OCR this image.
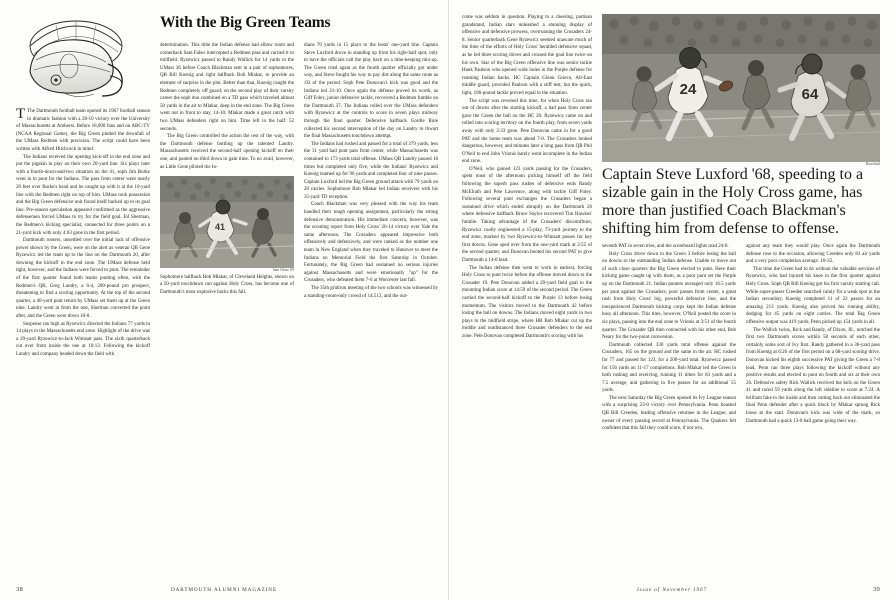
T The Dartmouth football team opened its 1967 football season in dramatic fashion with a 28-10 victory over the University of Massachusetts at Amherst. Before 18,000 fans and on ABC-TV (NCAA Regional Game), the Big Green plotted the downfall of the UMass Redmen with precision. The script could have been written with Alfred Hitchcock in mind.

The Indians received the opening kick-off in the end zone and put the pigskin in play on their own 20-yard line. Six plays later with a fourth-down-and-two situation on the 41, soph Jim Burke went in to punt for the Indians. The pass from center went nearly 20 feet over Burke's head and he caught up with it at the 10-yard line with the Redmen right on top of him. UMass took possession and the Big Green defensive unit found itself backed up to its goal line. Pre-season speculation appeared confirmed as the aggressive defensemen forced UMass to try for the field goal. Ed Sherman, the Redmen's kicking specialist, connected for three points on a 21-yard kick with only 4:03 gone in the first period.

Dartmouth rooters, unsettled over the initial lack of offensive power shown by the Green, were on the alert as veteran QB Gene Ryzewicz led the team up to the line on the Dartmouth 20, after downing the kickoff in the end zone. The UMass defense held tight, however, and the Indians were forced to punt. The remainder of the first quarter found both teams punting often, with the Redmen's QB, Greg Landry, a 6-4, 200-pound pro prospect, threatening to find a scoring opportunity. At the top of the second quarter, a 40-yard punt return by UMass set them up at the Green nine. Landry went in from the one, Sherman converted the point after, and the Green were down 10-0.

Suspense ran high as Ryzewicz directed the Indians 77 yards in 14 plays to the Massachusetts end zone. Highlight of the drive was a 29-yard Ryzewicz-to-Jack Wimsatt pass. The sixth quarterback cut over from inside the one at 10:13. Following the kickoff Landry and company headed down the field with

With the Big Green Teams

determination. This time the Indian defense had elbow room and cornerback Sam Faber intercepted a Redmen pass and carried it to midfield. Ryzewicz passed to Randy Wallick for 14 yards to the UMass 36 before Coach Blackman sent in a pair of sophomores, QB Bill Koenig and right halfback Bob Mlakar, to provide an element of surprise in the plot. Better than that, Koenig caught the Redmen completely off guard; on the second play of their varsity career the soph duo combined on a TD pass which traveled almost 50 yards in the air to Mlakar, deep in the end zone. The Big Green went out in front to stay, 14-10. Mlakar made a great catch with two UMass defenders right on him. Time left in the half: 52 seconds.

The Big Green controlled the action the rest of the way, with the Dartmouth defense bottling up the talented Landry. Massachusetts received the second-half opening kickoff on their one, and punted on third down to gain time. To no avail, however, as Little Gene piloted the In-

41
Sam Chase '69
Sophomore halfback Bob Mlakar, of Cleveland Heights, shown on a 50-yard touchdown run against Holy Cross, has become one of Dartmouth's most explosive backs this fall.

dians 70 yards in 15 plays to the hosts' one-yard line. Captain Steve Luxford drove in standing up from his right-half spot, only to have the officials call the play back on a time-keeping mix-up. The Green tried again as the fourth quarter officially got under way, and Steve fought his way to pay dirt along the same route as :03 of the period. Soph Pete Donovan's kick was good and the Indians led 21-10. Once again the defense proved its worth, as Giff Foley, junior defensive tackle, recovered a Redmen fumble on the Dartmouth 37. The Indians rolled over the UMass defenders with Ryzewicz at the controls to score in seven plays midway through the final quarter. Defensive halfback Gordie Rule collected his second interception of the day on Landry to thwart the final Massachusetts touchdown attempt.

The Indians had rushed and passed for a total of 379 yards, less the 31 yard had punt pass from center, while Massachusetts was contained to 173 yards total offense. UMass QB Landry passed 16 times but completed only five, while the Indians' Ryzewicz and Koenig teamed up for 96 yards and completed four of nine passes. Captain Luxford led the Big Green ground attack with 79 yards on 20 carries. Sophomore Bob Mlakar led Indian receivers with his 35-yard TD reception.

Coach Blackman was very pleased with the way his team handled their tough opening assignment, particularly the strong defensive demonstration. His immediate concern, however, was the scouting report from Holy Cross' 26-14 victory over Yale the same afternoon. The Crusaders appeared impressive both offensively and defensively, and were ranked as the number one team in New England when they traveled to Hanover to meet the Indians on Memorial Field the first Saturday in October. Fortunately, the Big Green had sustained no serious injuries against Massachusetts and were emotionally "up" for the Crusaders, who defeated them 7-6 at Worcester last fall.

The 35th gridiron meeting of the two schools was witnessed by a standing-room-only crowd of 14,513, and the out-

38	DARTMOUTH ALUMNI MAGAZINE

come was seldom in question. Playing to a cheering, partisan grandstand, Indian stars unleashed a stunning display of offensive and defensive prowess, overrunning the Crusaders 24-8. Senior quarterback Gene Ryzewicz seemed unaware much of the time of the efforts of Holy Cross' heralded defensive squad, as he led three scoring drives and crossed the goal line twice on his own. Star of the Big Green offensive line was senior tackle Hank Paulson who opened wide holes in the Purple defense for roaming Indian backs. HC Captain Glenn Grieco, All-East middle guard, provided Paulson with a stiff test, but the quick, light, 196-pound tackle proved equal to the situation.

The script was reversed this time, for when Holy Cross ran out of downs after the starting kickoff, a bad pass from center gave the Green the ball on the HC 20. Ryzewicz came on and rolled into scoring territory on the fourth play, from seven yards away with only 2:33 gone. Pete Donovan came in for a good PAT and the home team was ahead 7-0. The Crusaders looked dangerous, however, and minutes later a long pass from QB Phil O'Neil to end John Vrionis barely went incomplete in the Indian end zone.

O'Neil, who gained 123 yards passing for the Crusaders, spent most of the afternoon picking himself off the field following the superb pass rushes of defensive ends Randy McElrath and Pete Lawrence, along with tackle Giff Foley. Following several punt exchanges the Crusaders began a sustained drive which ended abruptly on the Dartmouth 26 where defensive halfback Bruce Saylor recovered Tim Hawkes' fumble. Taking advantage of the Crusaders' discomfiture, Ryzewicz coolly engineered a 15-play, 73-yard journey to the end zone, marked by two Ryzewicz-to-Wimsatt passes for key first downs. Gene sped over from the one-yard mark at 2:55 of the second quarter, and Donovan booted his second PAT to give Dartmouth a 14-0 lead.

The Indian defense then went to work in earnest, forcing Holy Cross to punt twice before the offense moved down to the Crusader 19. Pete Donovan added a 29-yard field goal to the mounting Indian score at 14:59 of the second period. The Green carried the second-half kickoff to the Purple 13 before losing momentum. The visitors moved to the Dartmouth 42 before losing the ball on downs. The Indians moved eight yards in two plays to the midfield stripe, where HB Bob Mlakar cut up the middle and outdistanced three Crusader defenders to the end zone. Pete Donovan completed Dartmouth's scoring with his

24	64
Bouchard
Captain Steve Luxford '68, speeding to a sizable gain in the Holy Cross game, has more than justified Coach Blackman's shifting him from defense to offense.

seventh PAT in seven tries, and the scoreboard lights read 24-0.

Holy Cross drove down to the Green 3 before losing the ball on downs to the outstanding Indian defense. Unable to move out of such close quarters the Big Green elected to punt. Here their kicking game caught up with them, as a poor punt set the Purple up on the Dartmouth 21. Indian punters averaged only 16.5 yards per punt against the Crusaders; poor passes from center, a great rush from Holy Cross' big, powerful defensive line, and the inexperienced Dartmouth kicking corps kept the Indian defense busy all afternoon. This time, however, O'Neil posted the score in six plays, passing into the end zone to Vrionis at 3:51 of the fourth quarter. The Crusader QB then connected with his other end, Bob Neary for the two-point conversion.

Dartmouth collected 330 yards total offense against the Crusaders, 165 on the ground and the same in the air. HC rushed for 77 and passed for 123, for a 200-yard total. Ryzewicz passed for 156 yards on 11-17 completions. Bob Mlakar led the Green in both rushing and receiving, running 11 times for 83 yards and a 7.5 average, and gathering in five passes for an additional 55 yards.

The next Saturday the Big Green opened its Ivy League season with a surprising 23-0 victory over Pennsylvania. Penn boasted QB Bill Creeden, leading offensive returnee in the League, and owner of every passing record at Pennsylvania. The Quakers felt confident that this fall they could score, if not win,

against any team they would play. Once again the Dartmouth defense rose to the occasion, allowing Creeden only 83 air yards and a very poor completion average: 10-32.

This time the Green had to do without the valuable services of Ryzewicz, who had injured his knee in the first quarter against Holy Cross. Soph QB Bill Koenig got his first varsity starting call. While super-passer Creeden searched vainly for a weak spot in the Indian secondary, Koenig completed 11 of 22 passes for an amazing 213 yards. Koenig also proved his running ability, dodging for 45 yards on eight carries. The total Big Green offensive output was 419 yards. Penn picked up 154 yards in all.

The Wallick twins, Rick and Randy, of Dixon, Ill., notched the first two Dartmouth scores within 58 seconds of each other, certainly some sort of Ivy first. Randy gathered in a 36-yard pass from Koenig at 6:26 of the first period on a 68-yard scoring drive. Donovan kicked his eighth successive PAT giving the Green a 7-0 lead. Penn ran three plays following the kickoff without any positive results and elected to punt on fourth and six at their own 26. Defensive safety Rick Wallick received the kick on the Green 41 and raced 59 yards along the left sideline to score at 7:24. A brilliant fake to the inside and then cutting back out eliminated the final Penn defender after a quick block by Mlakar sprung Rick loose at the start. Donovan's kick was wide of the mark, so Dartmouth had a quick 13-0 ball game going their way.

39
Issue of November 1967
